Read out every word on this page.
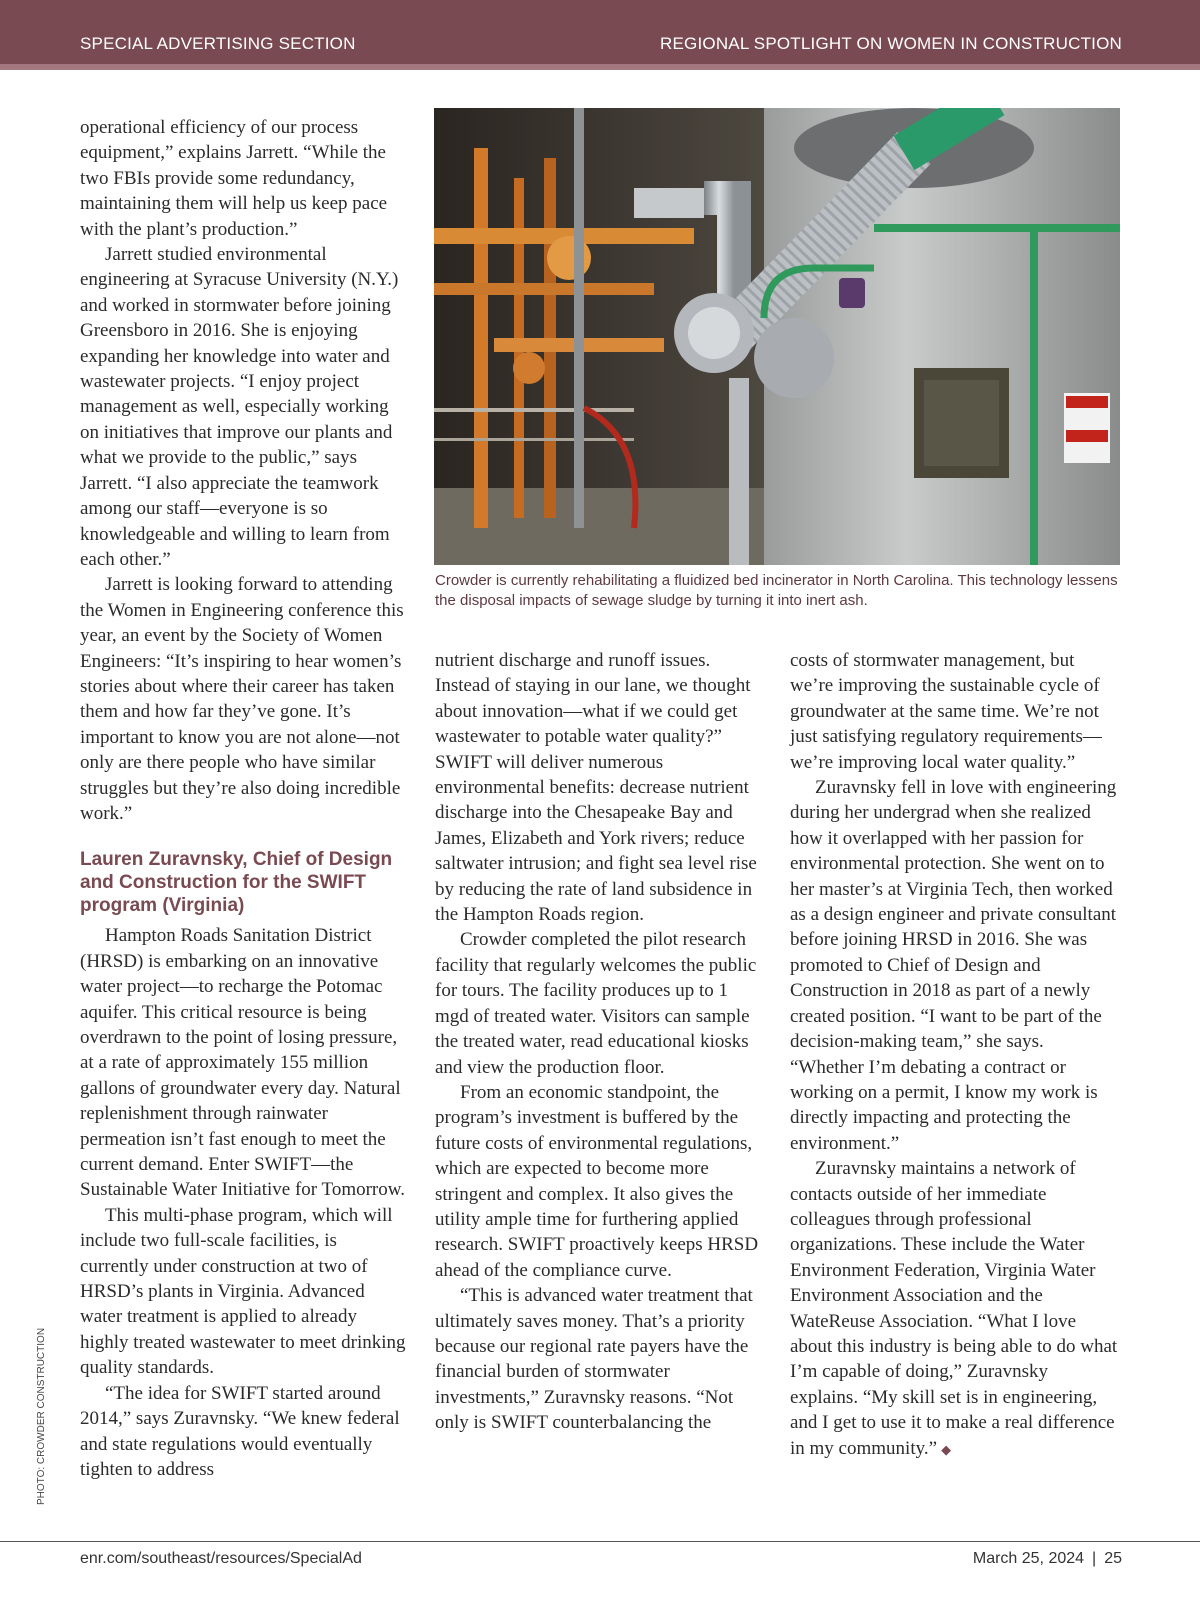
SPECIAL ADVERTISING SECTION	REGIONAL SPOTLIGHT ON WOMEN IN CONSTRUCTION

operational efficiency of our process equipment,” explains Jarrett. “While the two FBIs provide some redundancy, maintaining them will help us keep pace with the plant’s production.”

Jarrett studied environmental engineering at Syracuse University (N.Y.) and worked in stormwater before joining Greensboro in 2016. She is enjoying expanding her knowledge into water and wastewater projects. “I enjoy project management as well, especially working on initiatives that improve our plants and what we provide to the public,” says Jarrett. “I also appreciate the teamwork among our staff—everyone is so knowledgeable and willing to learn from each other.”

Jarrett is looking forward to attending the Women in Engineering conference this year, an event by the Society of Women Engineers: “It’s inspiring to hear women’s stories about where their career has taken them and how far they’ve gone. It’s important to know you are not alone—not only are there people who have similar struggles but they’re also doing incredible work.”

Lauren Zuravnsky, Chief of Design and Construction for the SWIFT program (Virginia)

Hampton Roads Sanitation District (HRSD) is embarking on an innovative water project—to recharge the Potomac aquifer. This critical resource is being overdrawn to the point of losing pressure, at a rate of approximately 155 million gallons of groundwater every day. Natural replenishment through rainwater permeation isn’t fast enough to meet the current demand. Enter SWIFT—the Sustainable Water Initiative for Tomorrow.

This multi-phase program, which will include two full-scale facilities, is currently under construction at two of HRSD’s plants in Virginia. Advanced water treatment is applied to already highly treated wastewater to meet drinking quality standards.

“The idea for SWIFT started around 2014,” says Zuravnsky. “We knew federal and state regulations would eventually tighten to address

Crowder is currently rehabilitating a fluidized bed incinerator in North Carolina. This technology lessens the disposal impacts of sewage sludge by turning it into inert ash.

nutrient discharge and runoff issues. Instead of staying in our lane, we thought about innovation—what if we could get wastewater to potable water quality?” SWIFT will deliver numerous environmental benefits: decrease nutrient discharge into the Chesapeake Bay and James, Elizabeth and York rivers; reduce saltwater intrusion; and fight sea level rise by reducing the rate of land subsidence in the Hampton Roads region.

Crowder completed the pilot research facility that regularly welcomes the public for tours. The facility produces up to 1 mgd of treated water. Visitors can sample the treated water, read educational kiosks and view the production floor.

From an economic standpoint, the program’s investment is buffered by the future costs of environmental regulations, which are expected to become more stringent and complex. It also gives the utility ample time for furthering applied research. SWIFT proactively keeps HRSD ahead of the compliance curve.

“This is advanced water treatment that ultimately saves money. That’s a priority because our regional rate payers have the financial burden of stormwater investments,” Zuravnsky reasons. “Not only is SWIFT counterbalancing the

costs of stormwater management, but we’re improving the sustainable cycle of groundwater at the same time. We’re not just satisfying regulatory requirements—we’re improving local water quality.”

Zuravnsky fell in love with engineering during her undergrad when she realized how it overlapped with her passion for environmental protection. She went on to her master’s at Virginia Tech, then worked as a design engineer and private consultant before joining HRSD in 2016. She was promoted to Chief of Design and Construction in 2018 as part of a newly created position. “I want to be part of the decision-making team,” she says. “Whether I’m debating a contract or working on a permit, I know my work is directly impacting and protecting the environment.”

Zuravnsky maintains a network of contacts outside of her immediate colleagues through professional organizations. These include the Water Environment Federation, Virginia Water Environment Association and the WateReuse Association. “What I love about this industry is being able to do what I’m capable of doing,” Zuravnsky explains. “My skill set is in engineering, and I get to use it to make a real difference in my community.” ◆

PHOTO: CROWDER CONSTRUCTION
enr.com/southeast/resources/SpecialAd	March 25, 2024 | 25
